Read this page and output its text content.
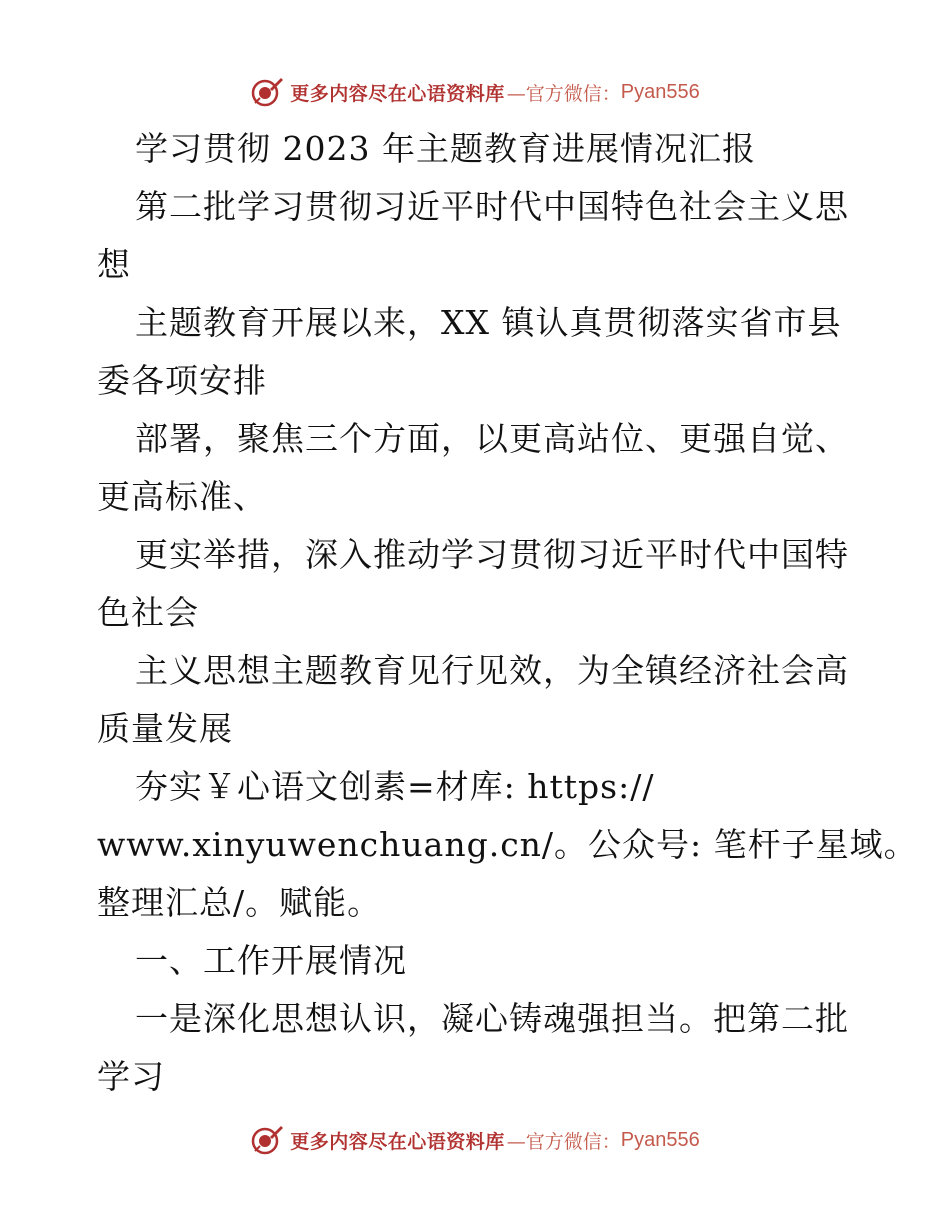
更多内容尽在心语资料库 —官方微信： Pyan556
学习贯彻 2023 年主题教育进展情况汇报
第二批学习贯彻习近平时代中国特色社会主义思
想
主题教育开展以来，XX 镇认真贯彻落实省市县
委各项安排
部署，聚焦三个方面，以更高站位、更强自觉、
更高标准、
更实举措，深入推动学习贯彻习近平时代中国特
色社会
主义思想主题教育见行见效，为全镇经济社会高
质量发展
夯实￥心语文创素=材库: https://
www.xinyuwenchuang.cn/。公众号: 笔杆子星域。
整理汇总/。赋能。
一、工作开展情况
一是深化思想认识，凝心铸魂强担当。把第二批
学习
更多内容尽在心语资料库 —官方微信： Pyan556
